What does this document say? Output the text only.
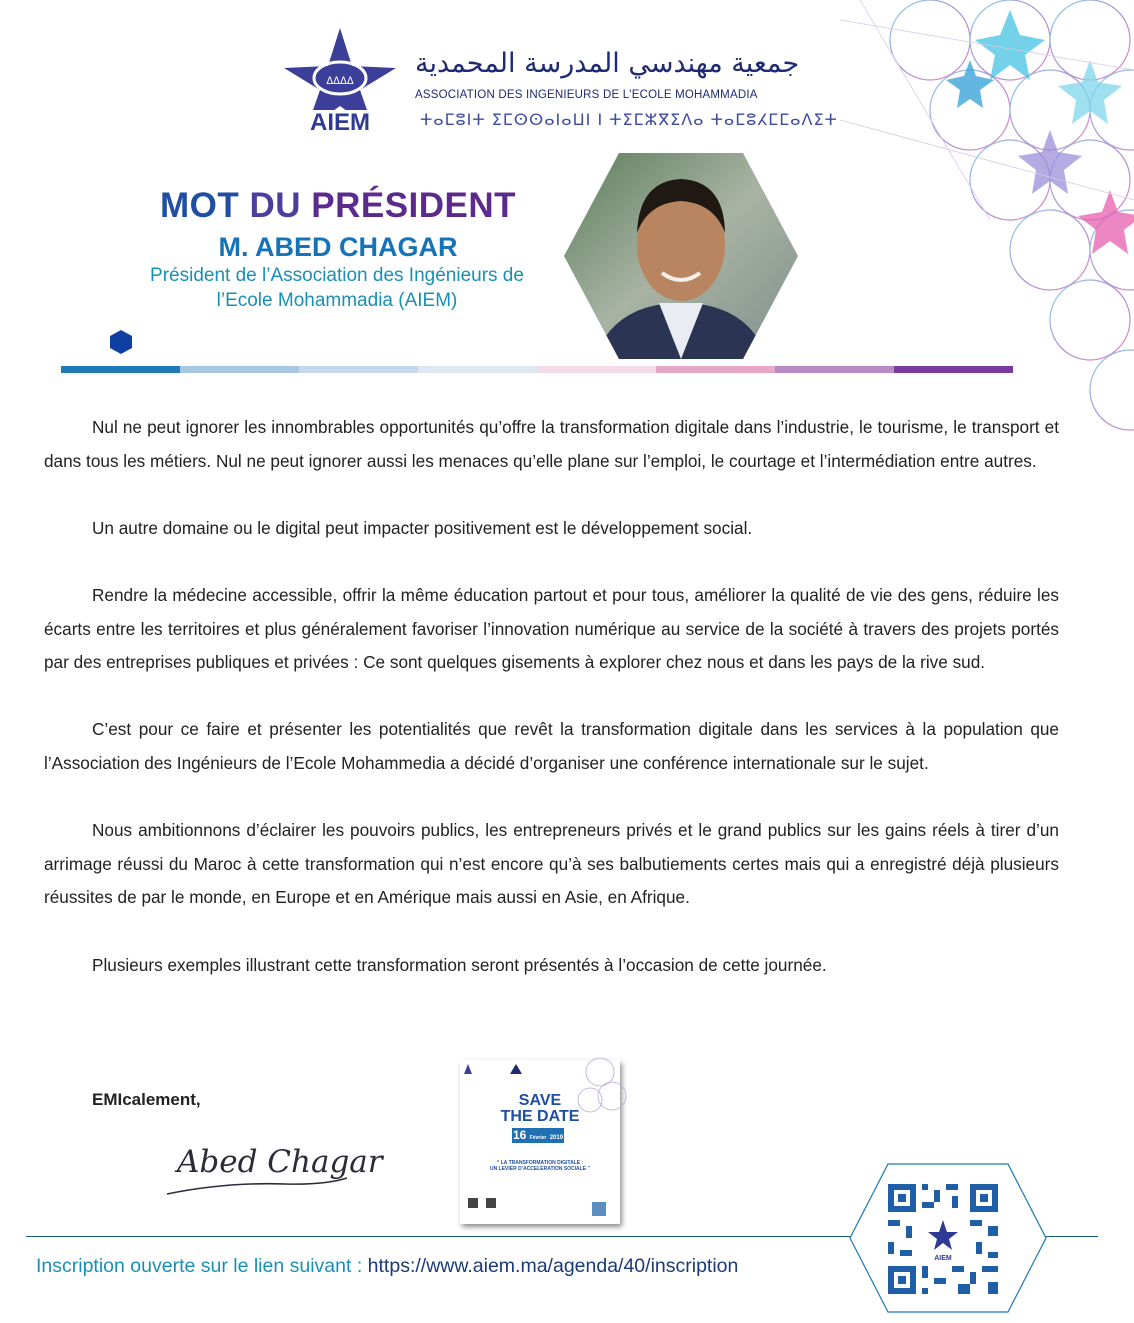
ᐃᐃᐃᐃ
AIEM
جمعية مهندسي المدرسة المحمدية
ASSOCIATION DES INGENIEURS DE L'ECOLE MOHAMMADIA
ⵜⴰⵎⵓⵏⵜ ⵉⵎⵙⵙⴰⵏⴰⵡⵏ ⵏ ⵜⵉⵎⵣⴳⵉⴷⴰ ⵜⴰⵎⵓⵃⵎⵎⴰⴷⵉⵜ
MOT DU PRÉSIDENT
M. ABED CHAGAR
Président de l’Association des Ingénieurs de
l’Ecole Mohammadia (AIEM)

Nul ne peut ignorer les innombrables opportunités qu’offre la transformation digitale dans l’industrie, le tourisme, le transport et dans tous les métiers. Nul ne peut ignorer aussi les menaces qu’elle plane sur l’emploi, le courtage et l’intermédiation entre autres.

Un autre domaine ou le digital peut impacter positivement est le développement social.

Rendre la médecine accessible, offrir la même éducation partout et pour tous, améliorer la qualité de vie des gens, réduire les écarts entre les territoires et plus généralement favoriser l’innovation numérique au service de la société à travers des projets portés par des entreprises publiques et privées : Ce sont quelques gisements à explorer chez nous et dans les pays de la rive sud.

C’est pour ce faire et présenter les potentialités que revêt la transformation digitale dans les services à la population que l’Association des Ingénieurs de l’Ecole Mohammedia a décidé d’organiser une conférence internationale sur le sujet.

Nous ambitionnons d’éclairer les pouvoirs publics, les entrepreneurs privés et le grand publics sur les gains réels à tirer d’un arrimage réussi du Maroc à cette transformation qui n’est encore qu’à ses balbutiements certes mais qui a enregistré déjà plusieurs réussites de par le monde, en Europe et en Amérique mais aussi en Asie, en Afrique.

Plusieurs exemples illustrant cette transformation seront présentés à l’occasion de cette journée.

EMIcalement,
Abed Chagar
SAVE
THE DATE
16 Février 2019
“ LA TRANSFORMATION DIGITALE :
UN LEVIER D’ACCELERATION SOCIALE ”
Inscription ouverte sur le lien suivant : https://www.aiem.ma/agenda/40/inscription	AIEM
